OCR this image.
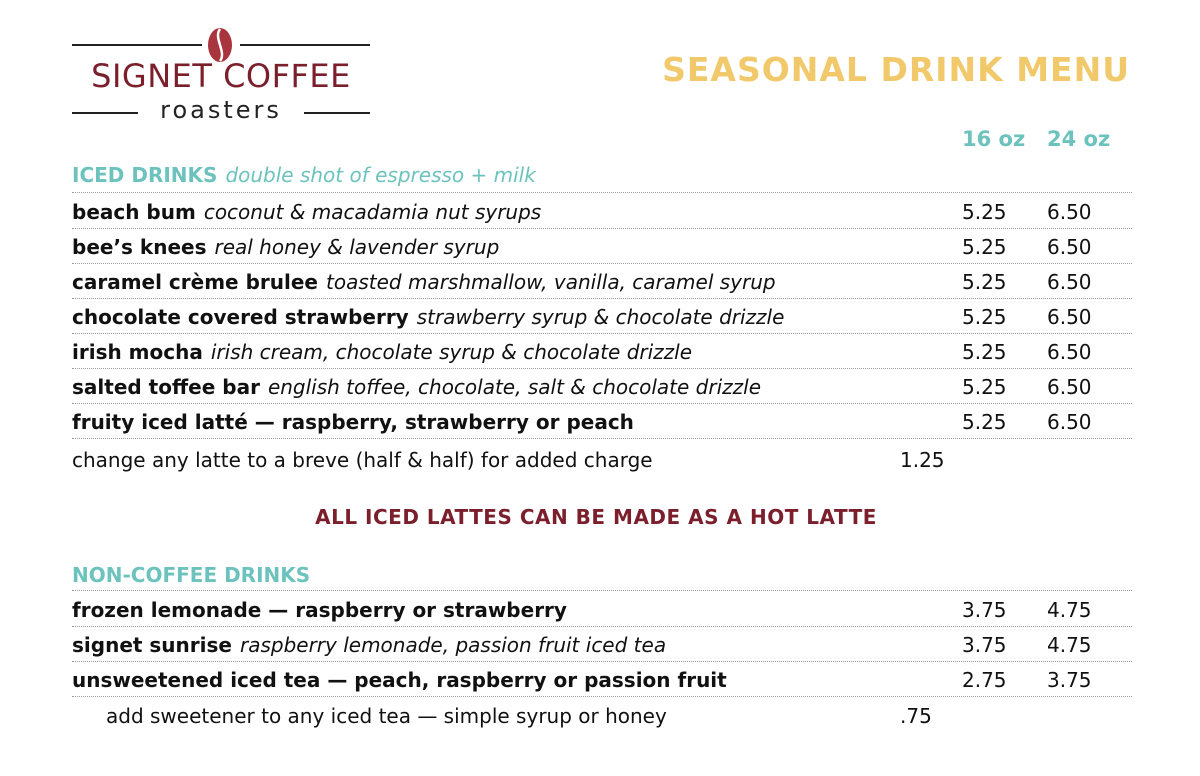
SIGNET COFFEE
roasters
SEASONAL DRINK MENU
16 oz 24 oz
ICED DRINKS double shot of espresso + milk
beach bum coconut & macadamia nut syrups	5.25 6.50
bee’s knees real honey & lavender syrup	5.25 6.50
caramel crème brulee toasted marshmallow, vanilla, caramel syrup	5.25 6.50
chocolate covered strawberry strawberry syrup & chocolate drizzle	5.25 6.50
irish mocha irish cream, chocolate syrup & chocolate drizzle	5.25 6.50
salted toffee bar english toffee, chocolate, salt & chocolate drizzle	5.25 6.50
fruity iced latté — raspberry, strawberry or peach	5.25 6.50
change any latte to a breve (half & half) for added charge	1.25
ALL ICED LATTES CAN BE MADE AS A HOT LATTE
NON-COFFEE DRINKS
frozen lemonade — raspberry or strawberry	3.75 4.75
signet sunrise raspberry lemonade, passion fruit iced tea	3.75 4.75
unsweetened iced tea — peach, raspberry or passion fruit	2.75 3.75
add sweetener to any iced tea — simple syrup or honey	.75
